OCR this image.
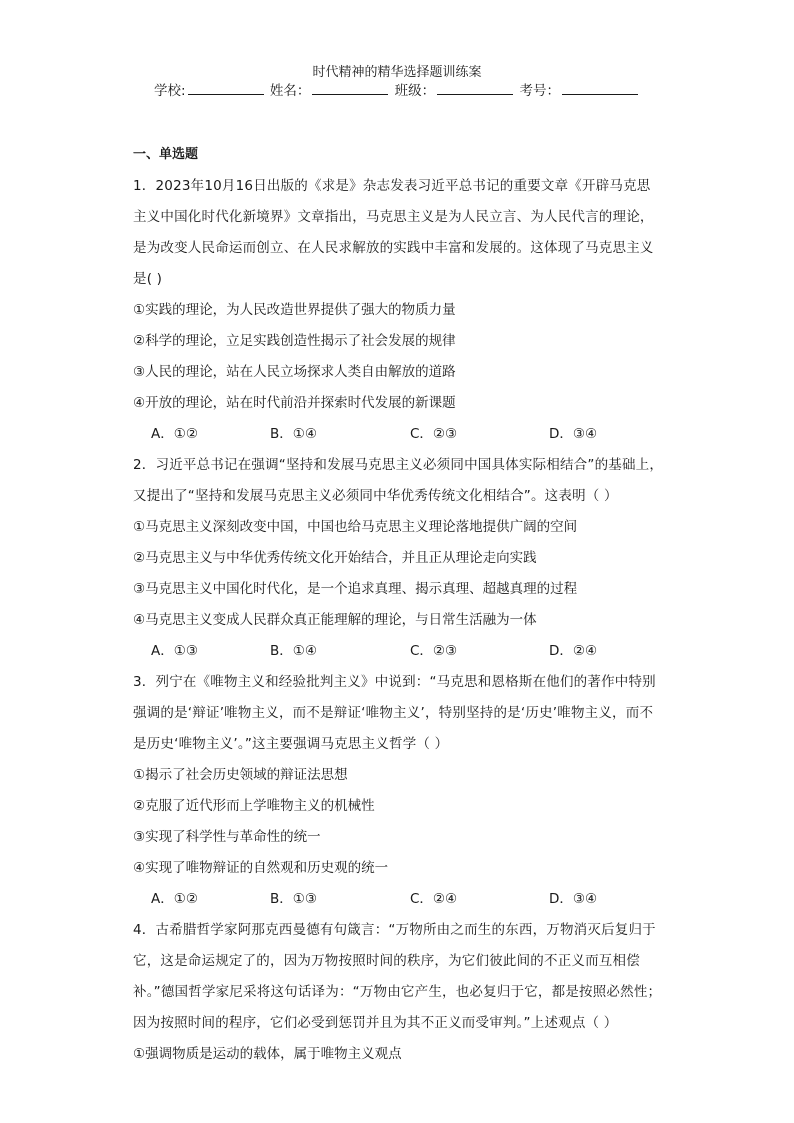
时代精神的精华选择题训练案
学校:	姓名：	班级：	考号：
一、单选题
1．2023年10月16日出版的《求是》杂志发表习近平总书记的重要文章《开辟马克思
主义中国化时代化新境界》文章指出，马克思主义是为人民立言、为人民代言的理论，
是为改变人民命运而创立、在人民求解放的实践中丰富和发展的。这体现了马克思主义
是( )
①实践的理论，为人民改造世界提供了强大的物质力量
②科学的理论，立足实践创造性揭示了社会发展的规律
③人民的理论，站在人民立场探求人类自由解放的道路
④开放的理论，站在时代前沿并探索时代发展的新课题
A．①②	B．①④	C．②③	D．③④
2．习近平总书记在强调“坚持和发展马克思主义必须同中国具体实际相结合”的基础上，
又提出了“坚持和发展马克思主义必须同中华优秀传统文化相结合”。这表明（ ）
①马克思主义深刻改变中国，中国也给马克思主义理论落地提供广阔的空间
②马克思主义与中华优秀传统文化开始结合，并且正从理论走向实践
③马克思主义中国化时代化，是一个追求真理、揭示真理、超越真理的过程
④马克思主义变成人民群众真正能理解的理论，与日常生活融为一体
A．①③	B．①④	C．②③	D．②④
3．列宁在《唯物主义和经验批判主义》中说到：“马克思和恩格斯在他们的著作中特别
强调的是‘辩证’唯物主义，而不是辩证‘唯物主义’，特别坚持的是‘历史’唯物主义，而不
是历史‘唯物主义’。”这主要强调马克思主义哲学（ ）
①揭示了社会历史领域的辩证法思想
②克服了近代形而上学唯物主义的机械性
③实现了科学性与革命性的统一
④实现了唯物辩证的自然观和历史观的统一
A．①②	B．①③	C．②④	D．③④
4．古希腊哲学家阿那克西曼德有句箴言：“万物所由之而生的东西，万物消灭后复归于
它，这是命运规定了的，因为万物按照时间的秩序，为它们彼此间的不正义而互相偿
补。”德国哲学家尼采将这句话译为：“万物由它产生，也必复归于它，都是按照必然性；
因为按照时间的程序，它们必受到惩罚并且为其不正义而受审判。”上述观点（ ）
①强调物质是运动的载体，属于唯物主义观点
